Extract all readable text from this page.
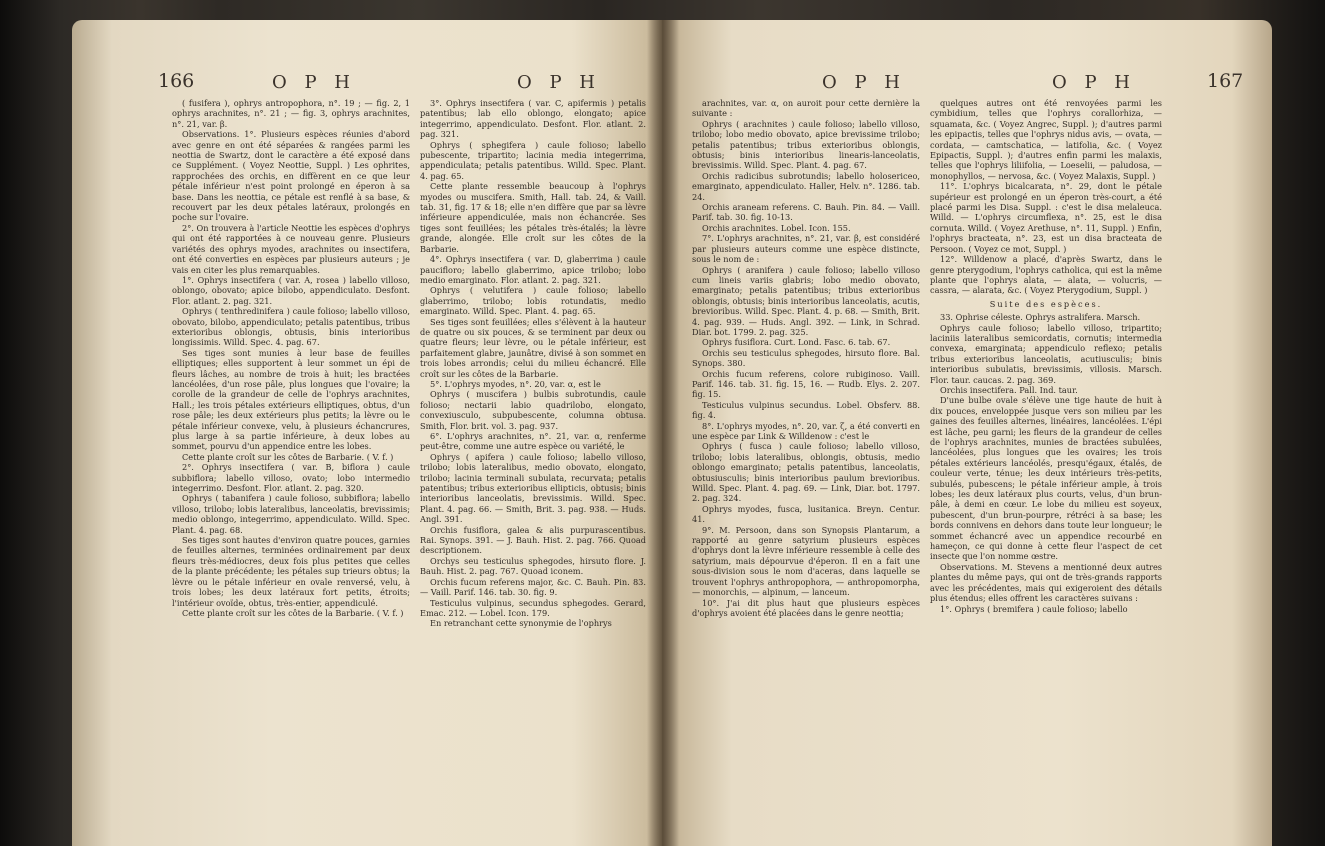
166	O P H	O P H

( fusifera ), ophrys antropophora, n°. 19 ; — fig. 2, 1 ophrys arachnites, n°. 21 ; — fig. 3, ophrys arachnites, n°. 21, var. β.

Observations. 1°. Plusieurs espèces réunies d'abord avec genre en ont été séparées & rangées parmi les neottia de Swartz, dont le caractère a été exposé dans ce Supplément. ( Voyez Neottie, Suppl. ) Les ophrites, rapprochées des orchis, en diffèrent en ce que leur pétale inférieur n'est point prolongé en éperon à sa base. Dans les neottia, ce pétale est renflé à sa base, & recouvert par les deux pétales latéraux, prolongés en poche sur l'ovaire.

2°. On trouvera à l'article Neottie les espèces d'ophrys qui ont été rapportées à ce nouveau genre. Plusieurs variétés des ophrys myodes, arachnites ou insectifera, ont été converties en espèces par plusieurs auteurs ; je vais en citer les plus remarquables.

1°. Ophrys insectifera ( var. A, rosea ) labello villoso, oblongo, obovato; apice bilobo, appendiculato. Desfont. Flor. atlant. 2. pag. 321.

Ophrys ( tenthredinifera ) caule folioso; labello villoso, obovato, bilobo, appendiculato; petalis patentibus, tribus exterioribus oblongis, obtusis, binis interioribus longissimis. Willd. Spec. 4. pag. 67.

Ses tiges sont munies à leur base de feuilles elliptiques; elles supportent à leur sommet un épi de fleurs lâches, au nombre de trois à huit; les bractées lancéolées, d'un rose pâle, plus longues que l'ovaire; la corolle de la grandeur de celle de l'ophrys arachnites, Hall.; les trois pétales extérieurs elliptiques, obtus, d'un rose pâle; les deux extérieurs plus petits; la lèvre ou le pétale inférieur convexe, velu, à plusieurs échancrures, plus large à sa partie inférieure, à deux lobes au sommet, pourvu d'un appendice entre les lobes.

Cette plante croît sur les côtes de Barbarie. ( V. f. )

2°. Ophrys insectifera ( var. B, biflora ) caule subbiflora; labello villoso, ovato; lobo intermedio integerrimo. Desfont. Flor. atlant. 2. pag. 320.

Ophrys ( tabanifera ) caule folioso, subbiflora; labello villoso, trilobo; lobis lateralibus, lanceolatis, brevissimis; medio oblongo, integerrimo, appendiculato. Willd. Spec. Plant. 4. pag. 68.

Ses tiges sont hautes d'environ quatre pouces, garnies de feuilles alternes, terminées ordinairement par deux fleurs très-médiocres, deux fois plus petites que celles de la plante précédente; les pétales sup trieurs obtus; la lèvre ou le pétale inférieur en ovale renversé, velu, à trois lobes; les deux latéraux fort petits, étroits; l'intérieur ovoïde, obtus, très-entier, appendiculé.

Cette plante croît sur les côtes de la Barbarie. ( V. f. )

3°. Ophrys insectifera ( var. C, apifermis ) petalis patentibus; lab ello oblongo, elongato; apice integerrimo, appendiculato. Desfont. Flor. atlant. 2. pag. 321.

Ophrys ( sphegifera ) caule folioso; labello pubescente, tripartito; lacinia media integerrima, appendiculata; petalis patentibus. Willd. Spec. Plant. 4. pag. 65.

Cette plante ressemble beaucoup à l'ophrys myodes ou muscifera. Smith, Hall. tab. 24, & Vaill. tab. 31, fig. 17 & 18; elle n'en diffère que par sa lèvre inférieure appendiculée, mais non échancrée. Ses tiges sont feuillées; les pétales très-étalés; la lèvre grande, alongée. Elle croît sur les côtes de la Barbarie.

4°. Ophrys insectifera ( var. D, glaberrima ) caule paucifloro; labello glaberrimo, apice trilobo; lobo medio emarginato. Flor. atlant. 2. pag. 321.

Ophrys ( velutifera ) caule folioso; labello glaberrimo, trilobo; lobis rotundatis, medio emarginato. Willd. Spec. Plant. 4. pag. 65.

Ses tiges sont feuillées; elles s'élèvent à la hauteur de quatre ou six pouces, & se terminent par deux ou quatre fleurs; leur lèvre, ou le pétale inférieur, est parfaitement glabre, jaunâtre, divisé à son sommet en trois lobes arrondis; celui du milieu échancré. Elle croît sur les côtes de la Barbarie.

5°. L'ophrys myodes, n°. 20, var. α, est le

Ophrys ( muscifera ) bulbis subrotundis, caule folioso; nectarii labio quadrilobo, elongato, convexiusculo, subpubescente, columna obtusa. Smith, Flor. brit. vol. 3. pag. 937.

6°. L'ophrys arachnites, n°. 21, var. α, renferme peut-être, comme une autre espèce ou variété, le

Ophrys ( apifera ) caule folioso; labello villoso, trilobo; lobis lateralibus, medio obovato, elongato, trilobo; lacinia terminali subulata, recurvata; petalis patentibus; tribus exterioribus ellipticis, obtusis; binis interioribus lanceolatis, brevissimis. Willd. Spec. Plant. 4. pag. 66. — Smith, Brit. 3. pag. 938. — Huds. Angl. 391.

Orchis fusiflora, galea & alis purpurascentibus. Rai. Synops. 391. — J. Bauh. Hist. 2. pag. 766. Quoad descriptionem.

Orchys seu testiculus sphegodes, hirsuto flore. J. Bauh. Hist. 2. pag. 767. Quoad iconem.

Orchis fucum referens major, &c. C. Bauh. Pin. 83. — Vaill. Parif. 146. tab. 30. fig. 9.

Testiculus vulpinus, secundus sphegodes. Gerard, Emac. 212. — Lobel. Icon. 179.

En retranchant cette synonymie de l'ophrys

O P H	O P H	167

arachnites, var. α, on auroit pour cette dernière la suivante :

Ophrys ( arachnites ) caule folioso; labello villoso, trilobo; lobo medio obovato, apice brevissime trilobo; petalis patentibus; tribus exterioribus oblongis, obtusis; binis interioribus linearis-lanceolatis, brevissimis. Willd. Spec. Plant. 4. pag. 67.

Orchis radicibus subrotundis; labello holosericeo, emarginato, appendiculato. Haller, Helv. n°. 1286. tab. 24.

Orchis araneam referens. C. Bauh. Pin. 84. — Vaill. Parif. tab. 30. fig. 10-13.

Orchis arachnites. Lobel. Icon. 155.

7°. L'ophrys arachnites, n°. 21, var. β, est considéré par plusieurs auteurs comme une espèce distincte, sous le nom de :

Ophrys ( aranifera ) caule folioso; labello villoso cum lineis variis glabris; lobo medio obovato, emarginato; petalis patentibus; tribus exterioribus oblongis, obtusis; binis interioribus lanceolatis, acutis, brevioribus. Willd. Spec. Plant. 4. p. 68. — Smith, Brit. 4. pag. 939. — Huds. Angl. 392. — Link, in Schrad. Diar. bot. 1799. 2. pag. 325.

Ophrys fusiflora. Curt. Lond. Fasc. 6. tab. 67.

Orchis seu testiculus sphegodes, hirsuto flore. Bal. Synops. 380.

Orchis fucum referens, colore rubiginoso. Vaill. Parif. 146. tab. 31. fig. 15, 16. — Rudb. Elys. 2. 207. fig. 15.

Testiculus vulpinus secundus. Lobel. Obsferv. 88. fig. 4.

8°. L'ophrys myodes, n°. 20, var. ζ, a été converti en une espèce par Link & Willdenow : c'est le

Ophrys ( fusca ) caule folioso; labello villoso, trilobo; lobis lateralibus, oblongis, obtusis, medio oblongo emarginato; petalis patentibus, lanceolatis, obtusiusculis; binis interioribus paulum brevioribus. Willd. Spec. Plant. 4. pag. 69. — Link, Diar. bot. 1797. 2. pag. 324.

Ophrys myodes, fusca, lusitanica. Breyn. Centur. 41.

9°. M. Persoon, dans son Synopsis Plantarum, a rapporté au genre satyrium plusieurs espèces d'ophrys dont la lèvre inférieure ressemble à celle des satyrium, mais dépourvue d'éperon. Il en a fait une sous-division sous le nom d'aceras, dans laquelle se trouvent l'ophrys anthropophora, — anthropomorpha, — monorchis, — alpinum, — lanceum.

10°. J'ai dit plus haut que plusieurs espèces d'ophrys avoient été placées dans le genre neottia;

quelques autres ont été renvoyées parmi les cymbidium, telles que l'ophrys corallorhiza, — squamata, &c. ( Voyez Angrec, Suppl. ); d'autres parmi les epipactis, telles que l'ophrys nidus avis, — ovata, — cordata, — camtschatica, — latifolia, &c. ( Voyez Epipactis, Suppl. ); d'autres enfin parmi les malaxis, telles que l'ophrys liliifolia, — Loeselii, — paludosa, — monophyllos, — nervosa, &c. ( Voyez Malaxis, Suppl. )

11°. L'ophrys bicalcarata, n°. 29, dont le pétale supérieur est prolongé en un éperon très-court, a été placé parmi les Disa. Suppl. : c'est le disa melaleuca. Willd. — L'ophrys circumflexa, n°. 25, est le disa cornuta. Willd. ( Voyez Arethuse, n°. 11, Suppl. ) Enfin, l'ophrys bracteata, n°. 23, est un disa bracteata de Persoon. ( Voyez ce mot, Suppl. )

12°. Willdenow a placé, d'après Swartz, dans le genre pterygodium, l'ophrys catholica, qui est la même plante que l'ophrys alata, — alata, — volucris, — cassra, — alarata, &c. ( Voyez Pterygodium, Suppl. )

Suite des espèces.

33. Ophrise céleste. Ophrys astralifera. Marsch.

Ophrys caule folioso; labello villoso, tripartito; laciniis lateralibus semicordatis, cornutis; intermedia convexa, emarginata; appendiculo reflexo; petalis tribus exterioribus lanceolatis, acutiusculis; binis interioribus subulatis, brevissimis, villosis. Marsch. Flor. taur. caucas. 2. pag. 369.

Orchis insectifera. Pall. Ind. taur.

D'une bulbe ovale s'élève une tige haute de huit à dix pouces, enveloppée jusque vers son milieu par les gaines des feuilles alternes, linéaires, lancéolées. L'épi est lâche, peu garni; les fleurs de la grandeur de celles de l'ophrys arachnites, munies de bractées subulées, lancéolées, plus longues que les ovaires; les trois pétales extérieurs lancéolés, presqu'égaux, étalés, de couleur verte, ténue; les deux intérieurs très-petits, subulés, pubescens; le pétale inférieur ample, à trois lobes; les deux latéraux plus courts, velus, d'un brun-pâle, à demi en cœur. Le lobe du milieu est soyeux, pubescent, d'un brun-pourpre, rétréci à sa base; les bords connivens en dehors dans toute leur longueur; le sommet échancré avec un appendice recourbé en hameçon, ce qui donne à cette fleur l'aspect de cet insecte que l'on nomme œstre.

Observations. M. Stevens a mentionné deux autres plantes du même pays, qui ont de très-grands rapports avec les précédentes, mais qui exigeroient des détails plus étendus; elles offrent les caractères suivans :

1°. Ophrys ( bremifera ) caule folioso; labello
